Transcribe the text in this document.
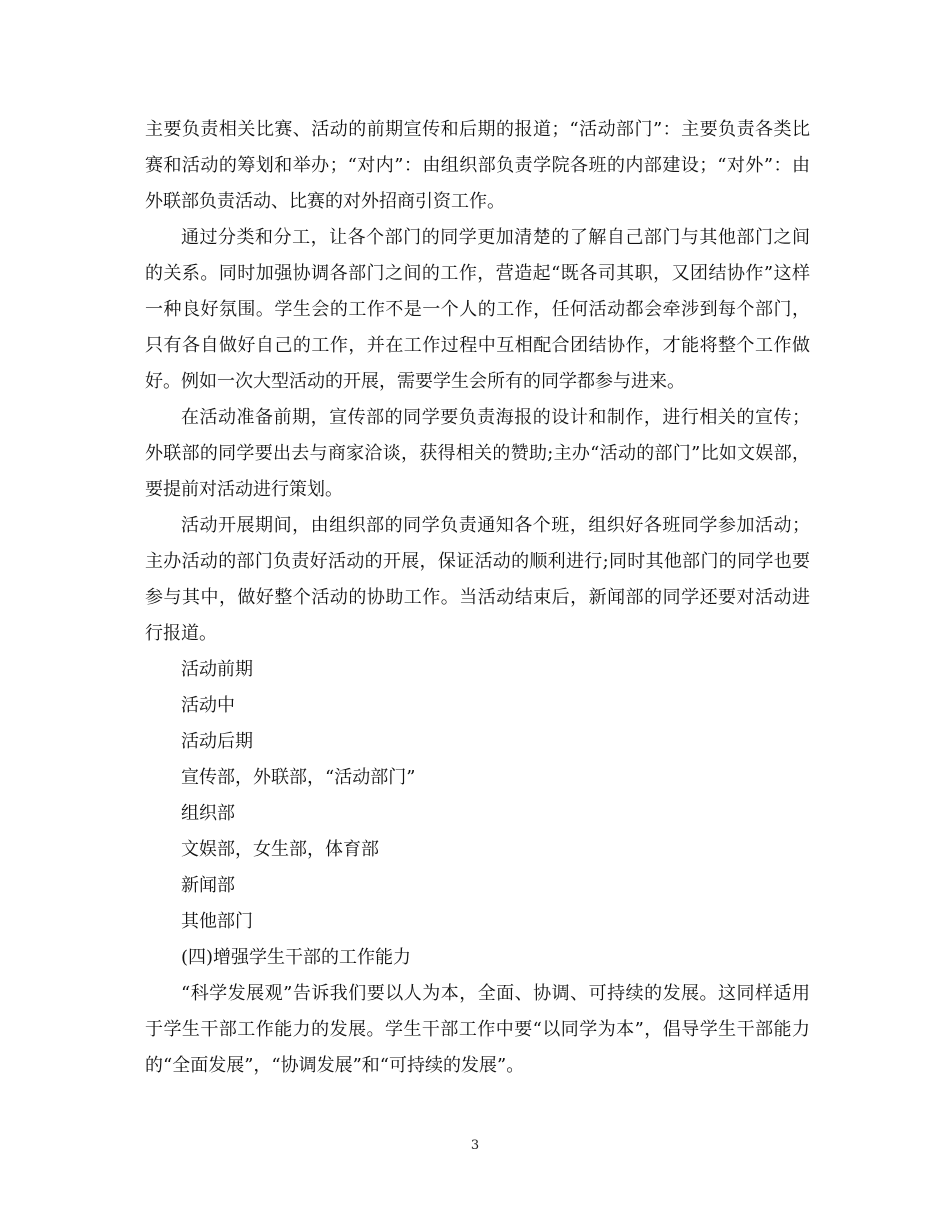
主要负责相关比赛、活动的前期宣传和后期的报道；“活动部门”：主要负责各类比赛和活动的筹划和举办；“对内”：由组织部负责学院各班的内部建设；“对外”：由外联部负责活动、比赛的对外招商引资工作。

通过分类和分工，让各个部门的同学更加清楚的了解自己部门与其他部门之间的关系。同时加强协调各部门之间的工作，营造起“既各司其职，又团结协作”这样一种良好氛围。学生会的工作不是一个人的工作，任何活动都会牵涉到每个部门，只有各自做好自己的工作，并在工作过程中互相配合团结协作，才能将整个工作做好。例如一次大型活动的开展，需要学生会所有的同学都参与进来。

在活动准备前期，宣传部的同学要负责海报的设计和制作，进行相关的宣传；外联部的同学要出去与商家洽谈，获得相关的赞助;主办“活动的部门”比如文娱部，要提前对活动进行策划。

活动开展期间，由组织部的同学负责通知各个班，组织好各班同学参加活动；主办活动的部门负责好活动的开展，保证活动的顺利进行;同时其他部门的同学也要参与其中，做好整个活动的协助工作。当活动结束后，新闻部的同学还要对活动进行报道。

活动前期

活动中

活动后期

宣传部，外联部，“活动部门”

组织部

文娱部，女生部，体育部

新闻部

其他部门

(四)增强学生干部的工作能力

“科学发展观”告诉我们要以人为本，全面、协调、可持续的发展。这同样适用于学生干部工作能力的发展。学生干部工作中要“以同学为本”，倡导学生干部能力的“全面发展”，“协调发展”和“可持续的发展”。

3
